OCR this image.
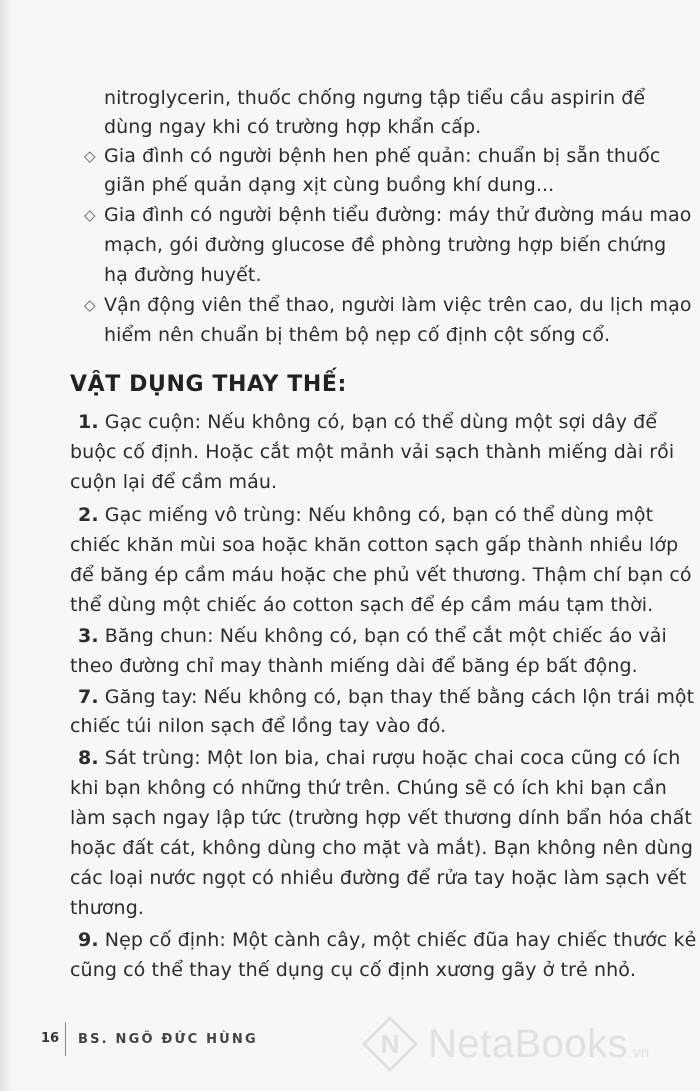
nitroglycerin, thuốc chống ngưng tập tiểu cầu aspirin để
dùng ngay khi có trường hợp khẩn cấp.
◇ Gia đình có người bệnh hen phế quản: chuẩn bị sẵn thuốc
giãn phế quản dạng xịt cùng buồng khí dung...
◇ Gia đình có người bệnh tiểu đường: máy thử đường máu mao
mạch, gói đường glucose đề phòng trường hợp biến chứng
hạ đường huyết.
◇ Vận động viên thể thao, người làm việc trên cao, du lịch mạo
hiểm nên chuẩn bị thêm bộ nẹp cố định cột sống cổ.
VẬT DỤNG THAY THẾ:
1. Gạc cuộn: Nếu không có, bạn có thể dùng một sợi dây để
buộc cố định. Hoặc cắt một mảnh vải sạch thành miếng dài rồi
cuộn lại để cầm máu.
2. Gạc miếng vô trùng: Nếu không có, bạn có thể dùng một
chiếc khăn mùi soa hoặc khăn cotton sạch gấp thành nhiều lớp
để băng ép cầm máu hoặc che phủ vết thương. Thậm chí bạn có
thể dùng một chiếc áo cotton sạch để ép cầm máu tạm thời.
3. Băng chun: Nếu không có, bạn có thể cắt một chiếc áo vải
theo đường chỉ may thành miếng dài để băng ép bất động.
7. Găng tay: Nếu không có, bạn thay thế bằng cách lộn trái một
chiếc túi nilon sạch để lồng tay vào đó.
8. Sát trùng: Một lon bia, chai rượu hoặc chai coca cũng có ích
khi bạn không có những thứ trên. Chúng sẽ có ích khi bạn cần
làm sạch ngay lập tức (trường hợp vết thương dính bẩn hóa chất
hoặc đất cát, không dùng cho mặt và mắt). Bạn không nên dùng
các loại nước ngọt có nhiều đường để rửa tay hoặc làm sạch vết
thương.
9. Nẹp cố định: Một cành cây, một chiếc đũa hay chiếc thước kẻ
cũng có thể thay thế dụng cụ cố định xương gãy ở trẻ nhỏ.
16	BS. NGÔ ĐỨC HÙNG	N NetaBooks.vn
